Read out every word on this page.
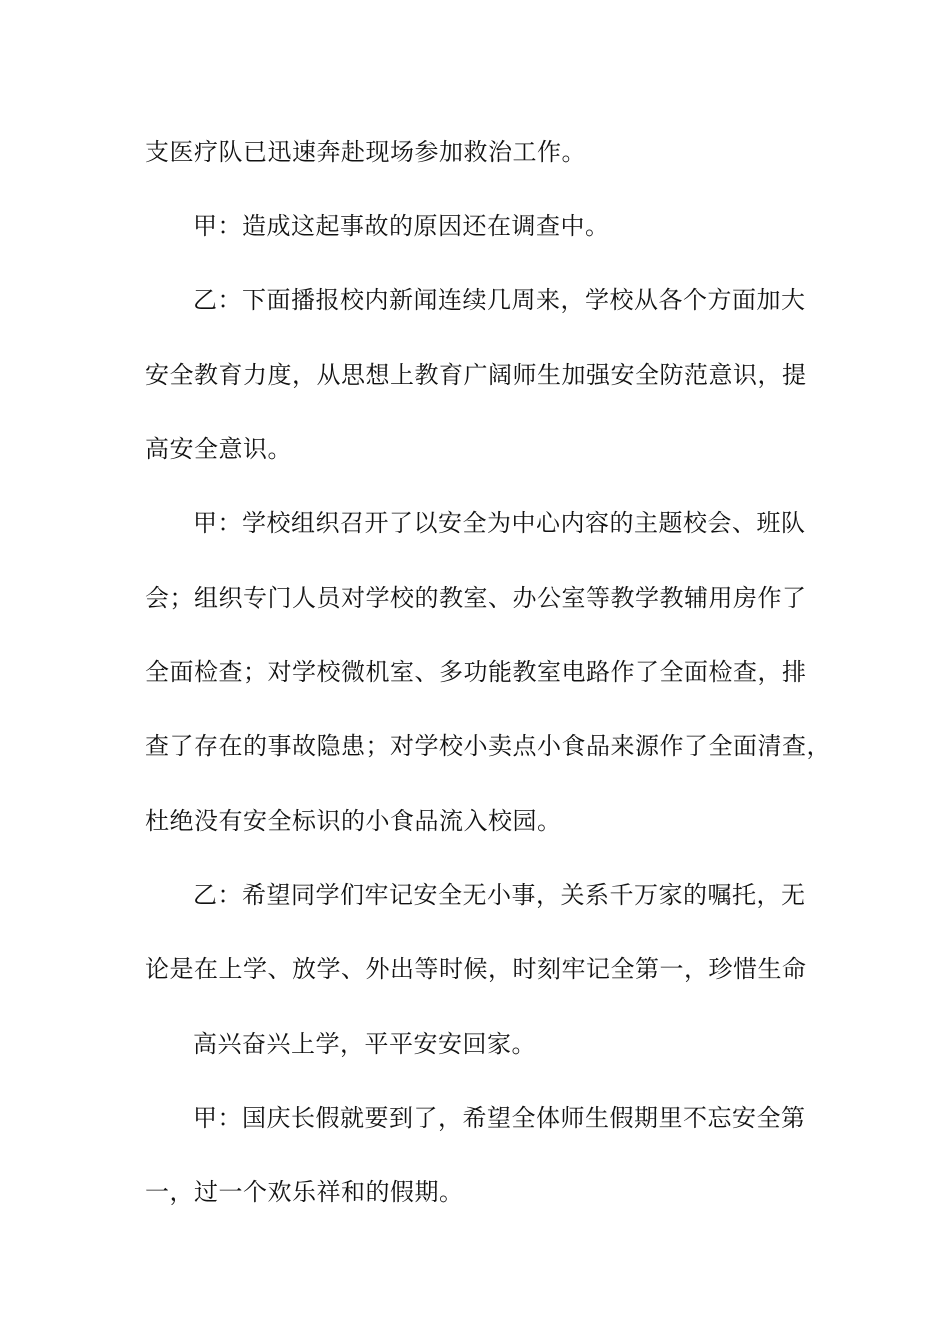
支医疗队已迅速奔赴现场参加救治工作。
甲：造成这起事故的原因还在调查中。
乙：下面播报校内新闻连续几周来，学校从各个方面加大
安全教育力度，从思想上教育广阔师生加强安全防范意识，提
高安全意识。
甲：学校组织召开了以安全为中心内容的主题校会、班队
会；组织专门人员对学校的教室、办公室等教学教辅用房作了
全面检查；对学校微机室、多功能教室电路作了全面检查，排
查了存在的事故隐患；对学校小卖点小食品来源作了全面清查，
杜绝没有安全标识的小食品流入校园。
乙：希望同学们牢记安全无小事，关系千万家的嘱托，无
论是在上学、放学、外出等时候，时刻牢记全第一，珍惜生命
高兴奋兴上学，平平安安回家。
甲：国庆长假就要到了，希望全体师生假期里不忘安全第
一，过一个欢乐祥和的假期。
